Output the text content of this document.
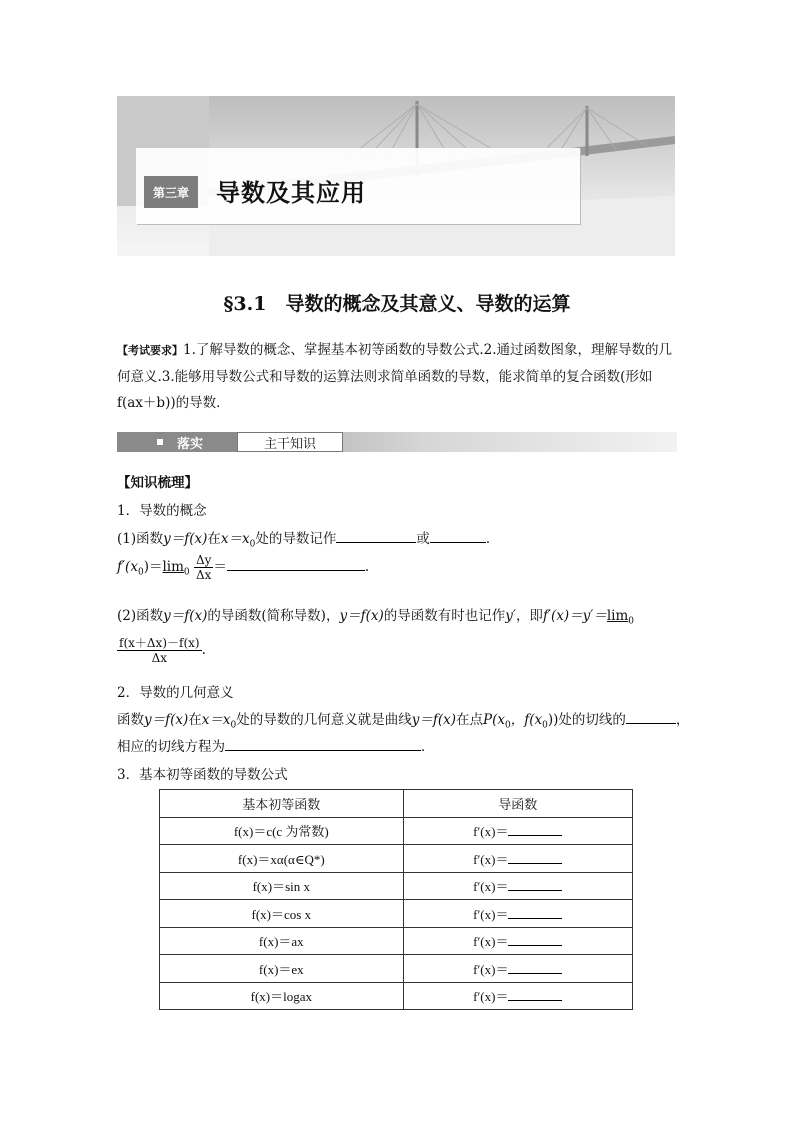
第三章	导数及其应用
§3.1　导数的概念及其意义、导数的运算
【考试要求】1.了解导数的概念、掌握基本初等函数的导数公式.2.通过函数图象，理解导数的几何意义.3.能够用导数公式和导数的运算法则求简单函数的导数，能求简单的复合函数(形如
f(ax＋b))的导数．
落实	主干知识
【知识梳理】
1．导数的概念
(1)函数y＝f(x)在$x=x_0$处的导数记作	或	．
$f'(x_0)=\lim_0 \frac{\Delta y}{\Delta x}$ ＝	.
(2)函数y＝f(x)的导函数(简称导数)，y＝f(x)的导函数有时也记作y′，即$f'(x)=y'=\lim_0$
$\frac{f(x+\Delta x)-f(x)}{\Delta x}$ .
2．导数的几何意义
函数y＝f(x)在$x=x_0$处的导数的几何意义就是曲线y＝f(x)在点$P(x_0$，$f(x_0)$)处的切线的	，
相应的切线方程为	．
3．基本初等函数的导数公式
基本初等函数	导函数
f(x)＝c(c 为常数)	f′(x)＝
f(x)＝xα(α∈Q*)	f′(x)＝
f(x)＝sin x	f′(x)＝
f(x)＝cos x	f′(x)＝
f(x)＝ax	f′(x)＝
f(x)＝ex	f′(x)＝
f(x)＝logax	f′(x)＝
